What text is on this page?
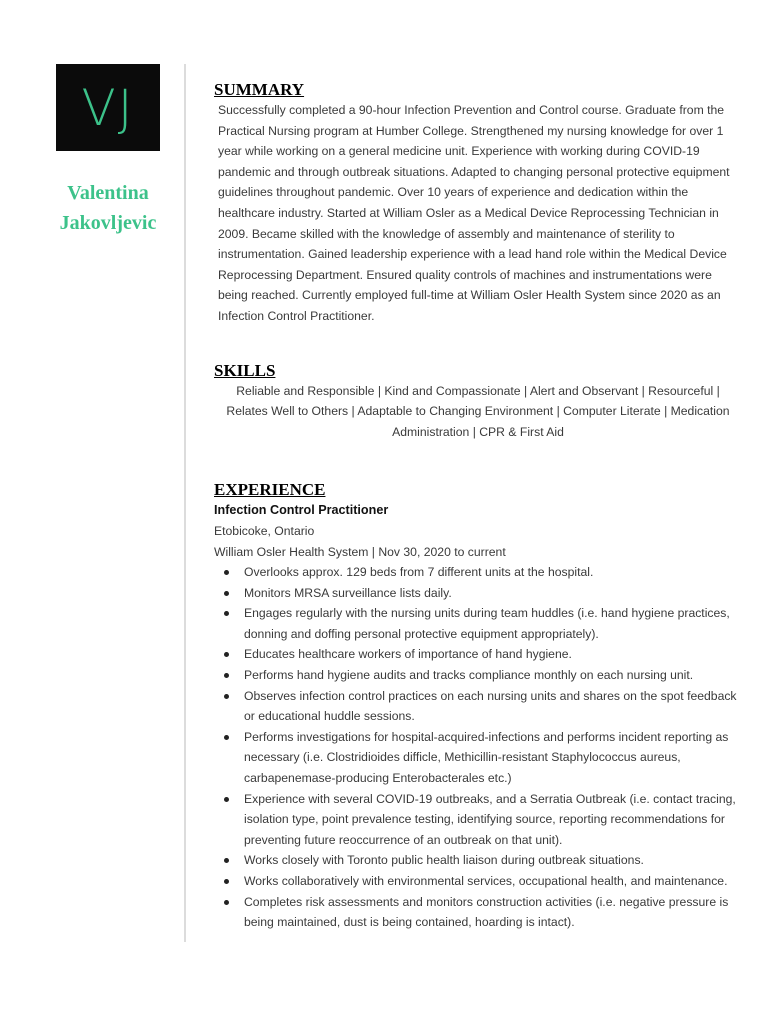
VJ
Valentina
Jakovljevic
SUMMARY

Successfully completed a 90-hour Infection Prevention and Control course. Graduate from the Practical Nursing program at Humber College. Strengthened my nursing knowledge for over 1 year while working on a general medicine unit. Experience with working during COVID-19 pandemic and through outbreak situations. Adapted to changing personal protective equipment guidelines throughout pandemic. Over 10 years of experience and dedication within the healthcare industry. Started at William Osler as a Medical Device Reprocessing Technician in 2009. Became skilled with the knowledge of assembly and maintenance of sterility to instrumentation. Gained leadership experience with a lead hand role within the Medical Device Reprocessing Department. Ensured quality controls of machines and instrumentations were being reached. Currently employed full-time at William Osler Health System since 2020 as an Infection Control Practitioner.

SKILLS

Reliable and Responsible | Kind and Compassionate | Alert and Observant | Resourceful | Relates Well to Others | Adaptable to Changing Environment | Computer Literate | Medication Administration | CPR & First Aid

EXPERIENCE

Infection Control Practitioner

Etobicoke, Ontario

William Osler Health System | Nov 30, 2020 to current

Overlooks approx. 129 beds from 7 different units at the hospital.
Monitors MRSA surveillance lists daily.
Engages regularly with the nursing units during team huddles (i.e. hand hygiene practices, donning and doffing personal protective equipment appropriately).
Educates healthcare workers of importance of hand hygiene.
Performs hand hygiene audits and tracks compliance monthly on each nursing unit.
Observes infection control practices on each nursing units and shares on the spot feedback or educational huddle sessions.
Performs investigations for hospital-acquired-infections and performs incident reporting as necessary (i.e. Clostridioides difficle, Methicillin-resistant Staphylococcus aureus, carbapenemase-producing Enterobacterales etc.)
Experience with several COVID-19 outbreaks, and a Serratia Outbreak (i.e. contact tracing, isolation type, point prevalence testing, identifying source, reporting recommendations for preventing future reoccurrence of an outbreak on that unit).
Works closely with Toronto public health liaison during outbreak situations.
Works collaboratively with environmental services, occupational health, and maintenance.
Completes risk assessments and monitors construction activities (i.e. negative pressure is being maintained, dust is being contained, hoarding is intact).
